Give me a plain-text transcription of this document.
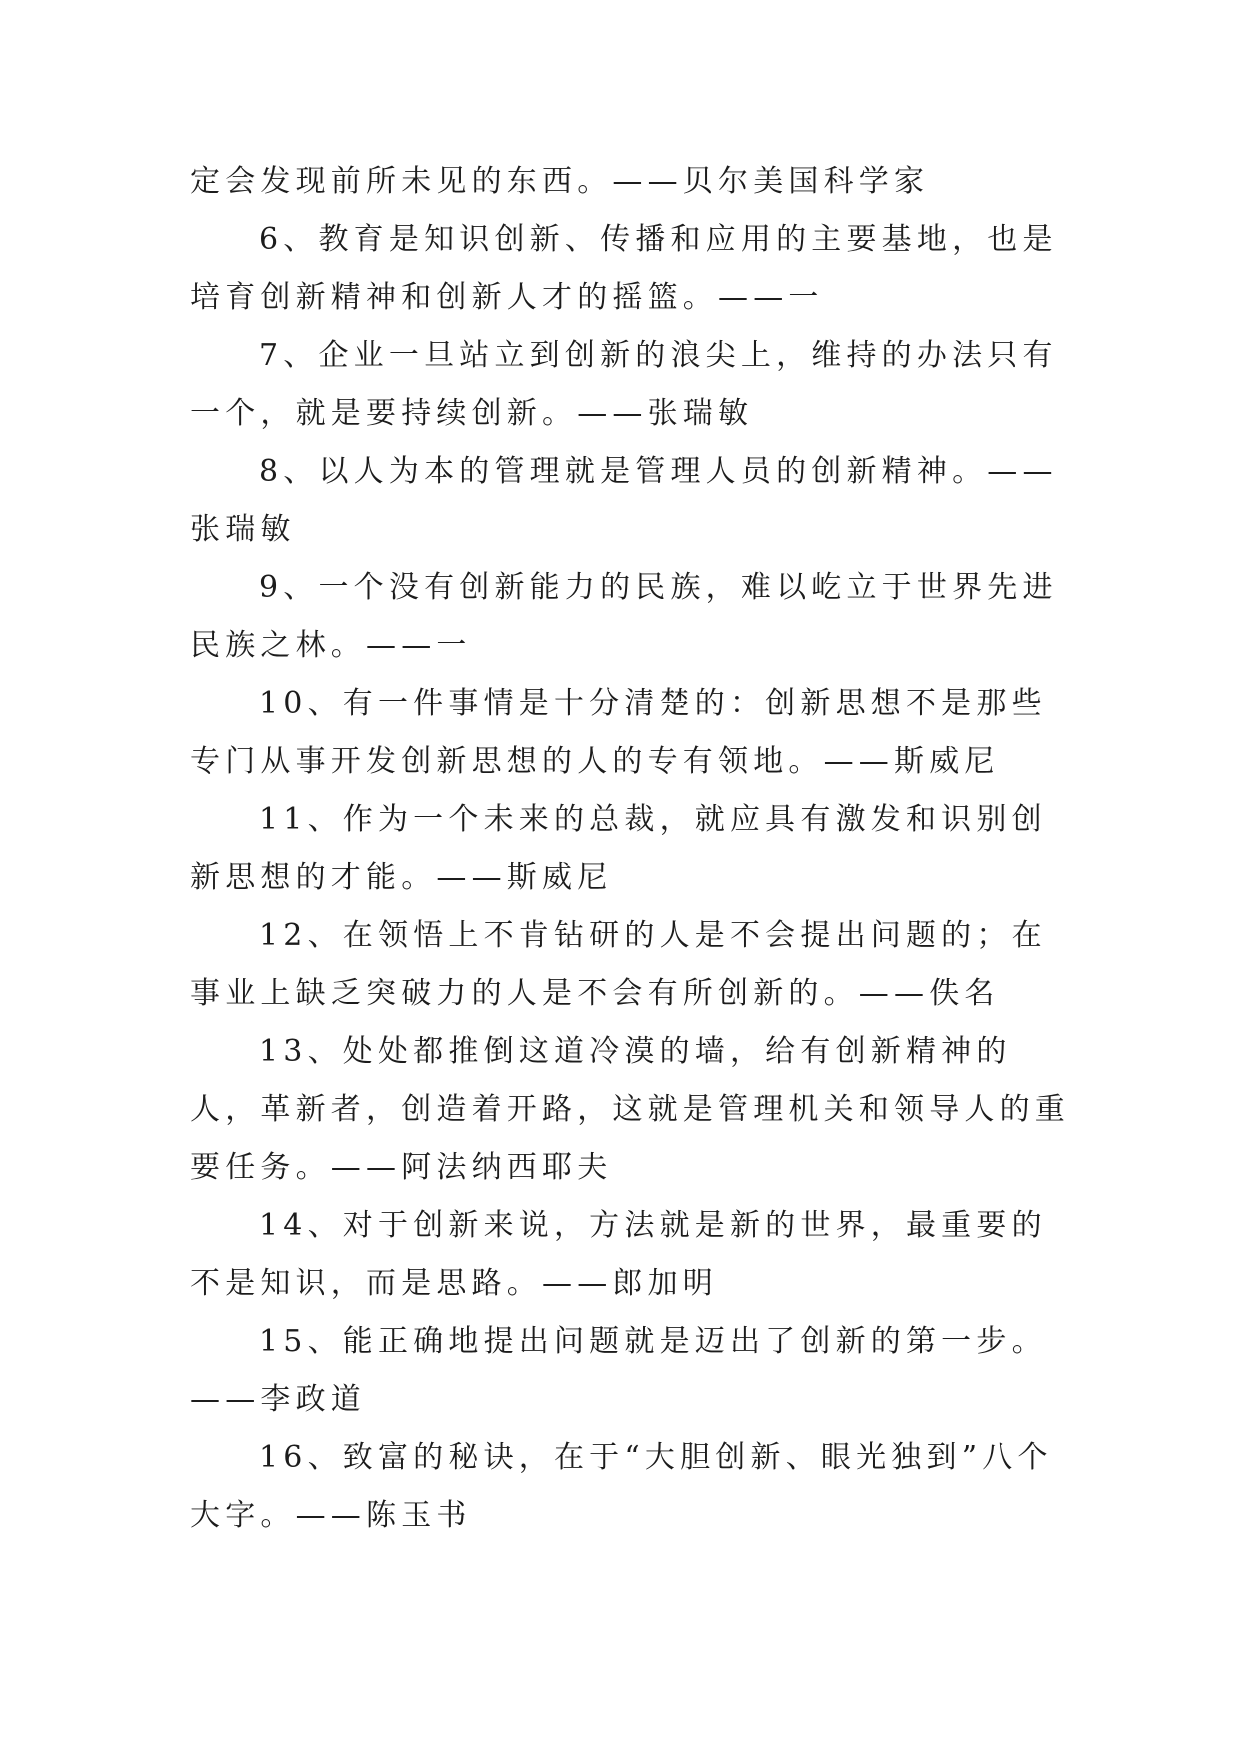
定会发现前所未见的东西。——贝尔美国科学家

6、教育是知识创新、传播和应用的主要基地，也是培育创新精神和创新人才的摇篮。——一

7、企业一旦站立到创新的浪尖上，维持的办法只有一个，就是要持续创新。——张瑞敏

8、以人为本的管理就是管理人员的创新精神。——张瑞敏

9、一个没有创新能力的民族，难以屹立于世界先进民族之林。——一

10、有一件事情是十分清楚的：创新思想不是那些专门从事开发创新思想的人的专有领地。——斯威尼

11、作为一个未来的总裁，就应具有激发和识别创新思想的才能。——斯威尼

12、在领悟上不肯钻研的人是不会提出问题的；在事业上缺乏突破力的人是不会有所创新的。——佚名

13、处处都推倒这道冷漠的墙，给有创新精神的人，革新者，创造着开路，这就是管理机关和领导人的重要任务。——阿法纳西耶夫

14、对于创新来说，方法就是新的世界，最重要的不是知识，而是思路。——郎加明

15、能正确地提出问题就是迈出了创新的第一步。——李政道

16、致富的秘诀，在于“大胆创新、眼光独到”八个大字。——陈玉书
